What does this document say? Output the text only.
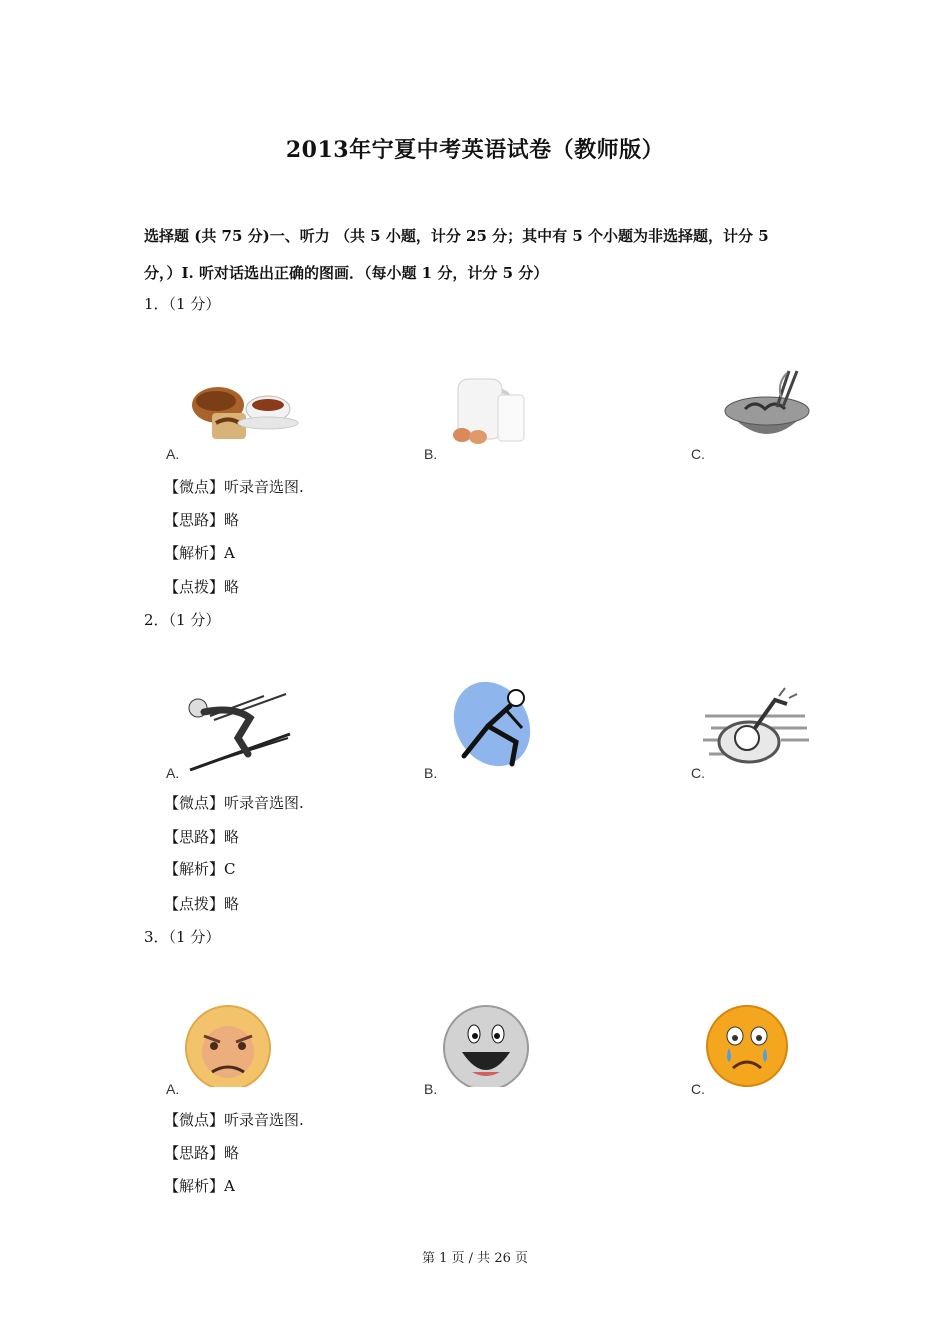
2013年宁夏中考英语试卷（教师版）
选择题 (共 75 分)一、听力 （共 5 小题，计分 25 分；其中有 5 个小题为非选择题，计分 5
分，）I. 听对话选出正确的图画．（每小题 1 分，计分 5 分）
1．（1 分）
A.	B.	C.
【微点】听录音选图.
【思路】略
【解析】A
【点拨】略
2．（1 分）
A.	B.	C.
【微点】听录音选图.
【思路】略
【解析】C
【点拨】略
3．（1 分）
A.	B.	C.
【微点】听录音选图.
【思路】略
【解析】A
第 1 页 / 共 26 页
